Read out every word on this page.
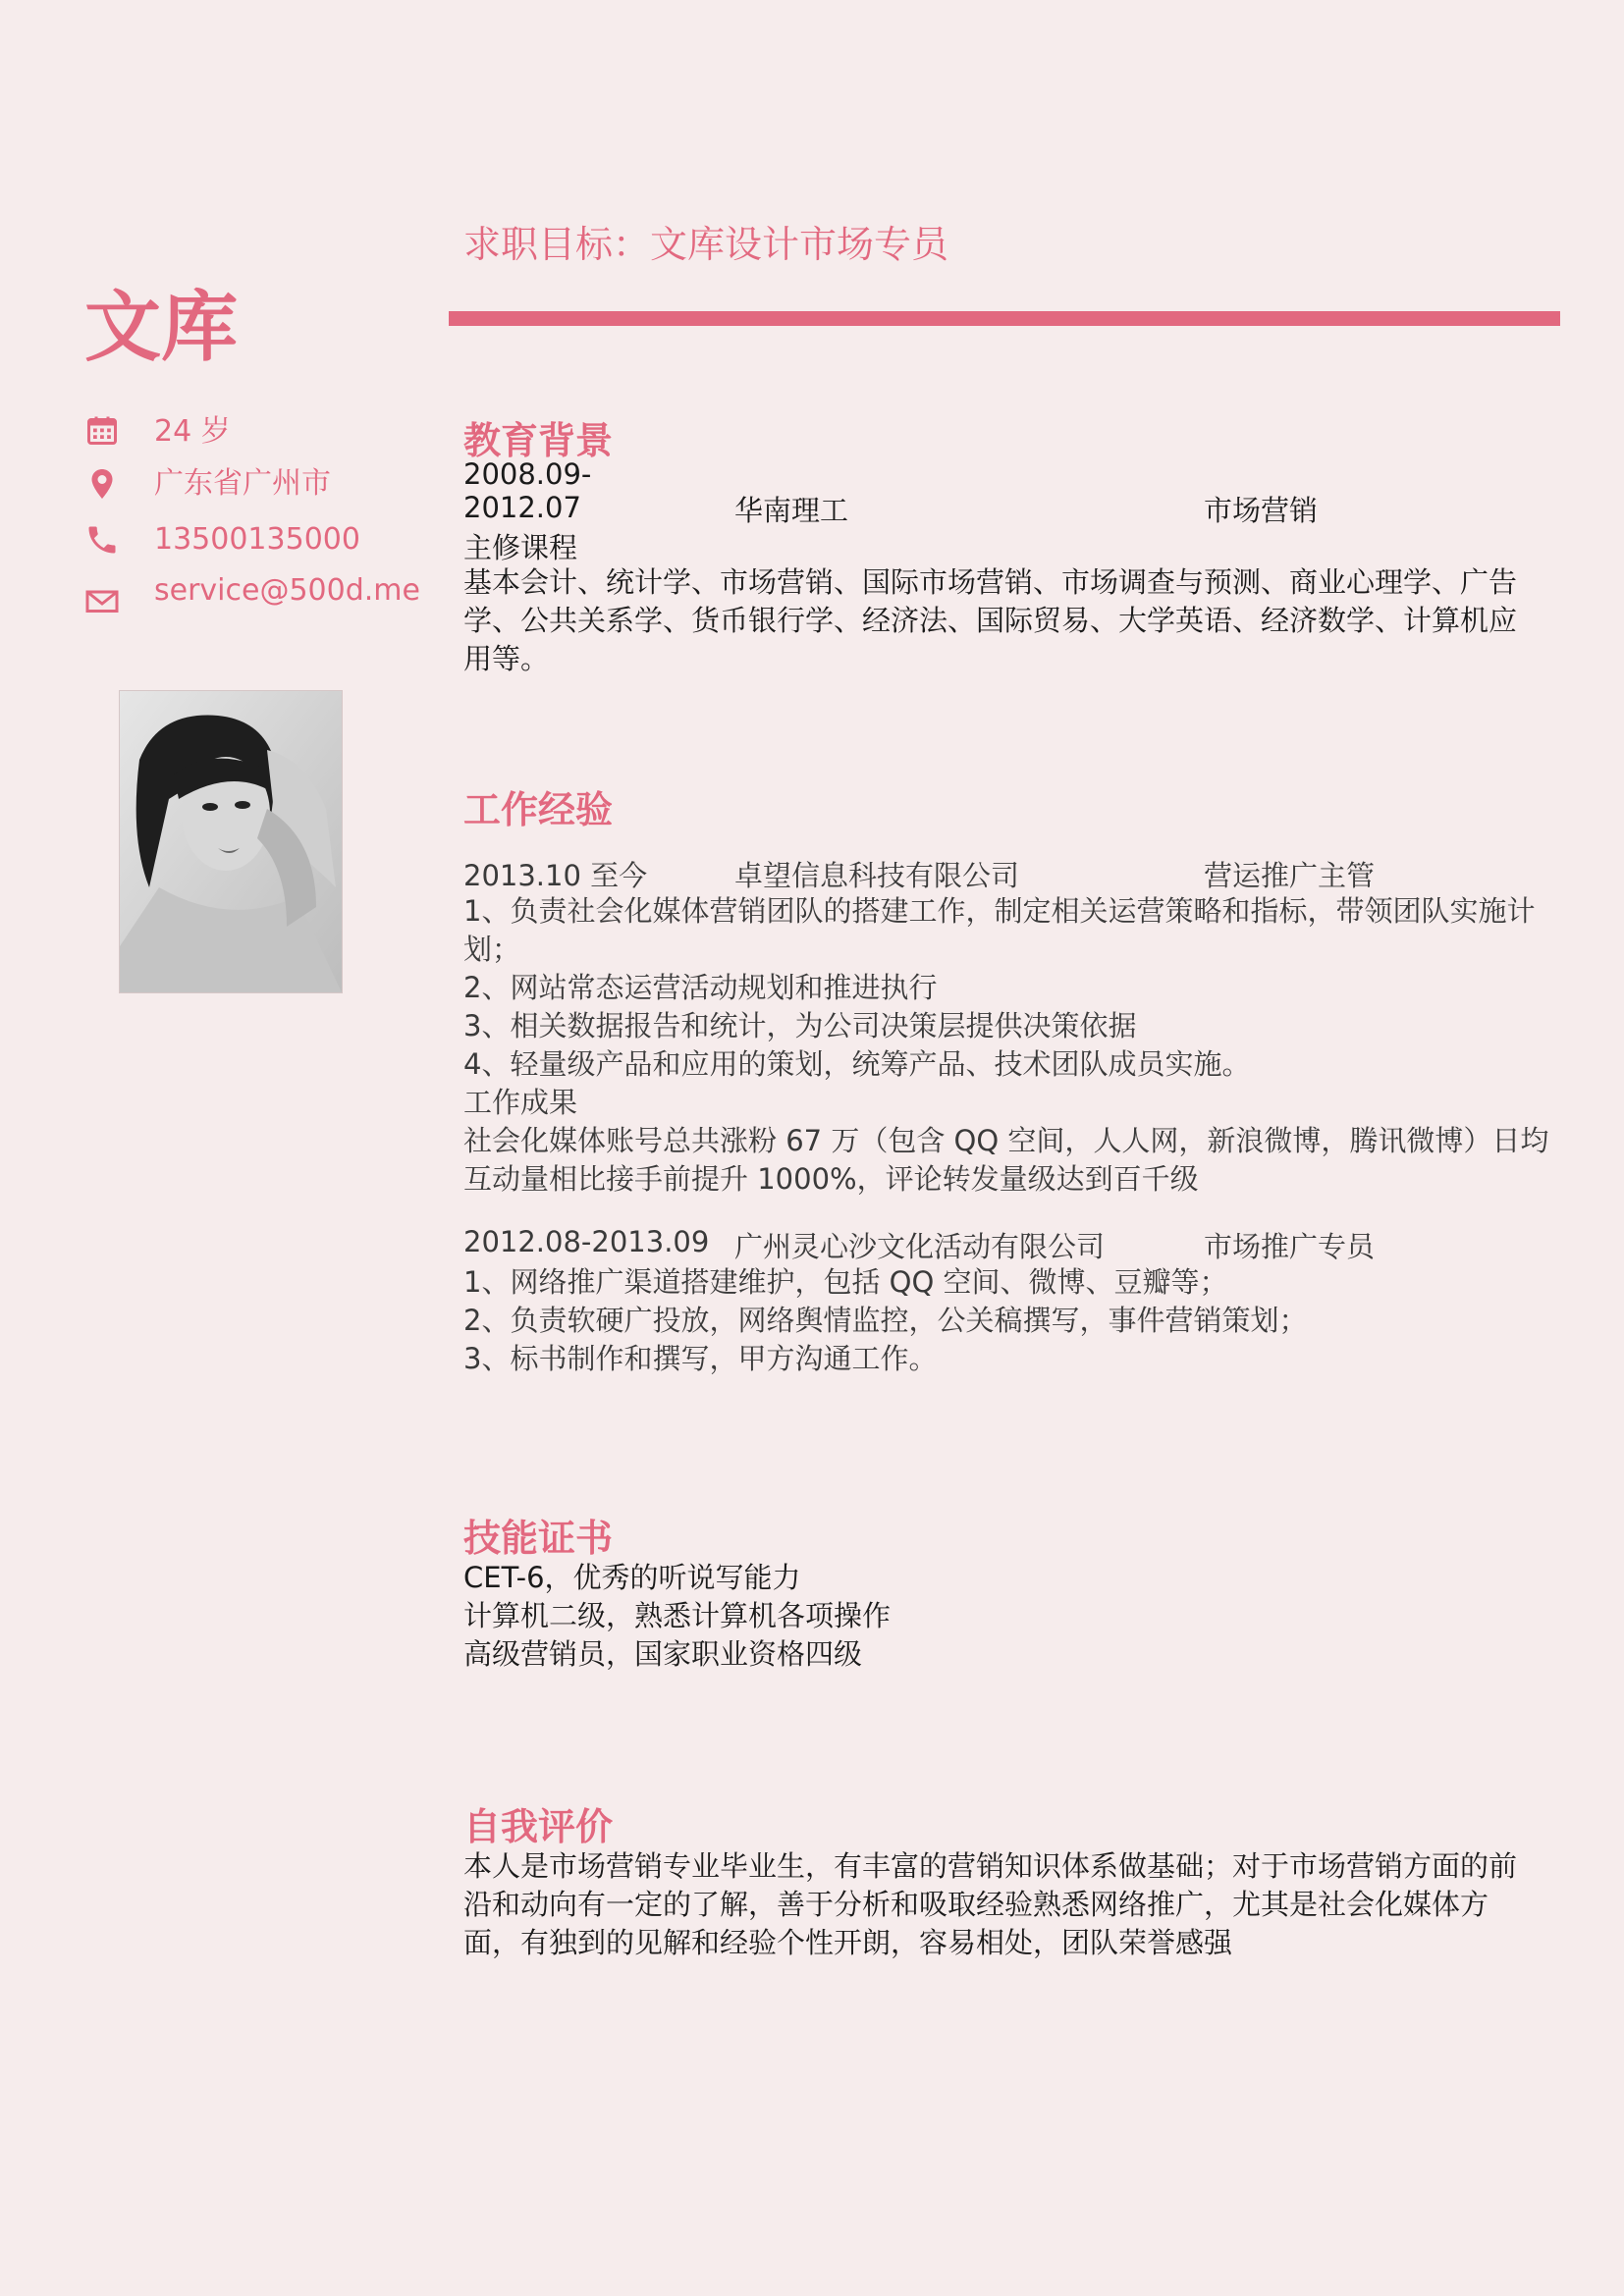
求职目标：文库设计市场专员
文库
24 岁
广东省广州市
13500135000
service@500d.me
教育背景
2008.09-
2012.07	华南理工	市场营销
主修课程
基本会计、统计学、市场营销、国际市场营销、市场调查与预测、商业心理学、广告
学、公共关系学、货币银行学、经济法、国际贸易、大学英语、经济数学、计算机应
用等。
工作经验
2013.10 至今	卓望信息科技有限公司	营运推广主管
1、负责社会化媒体营销团队的搭建工作，制定相关运营策略和指标，带领团队实施计
划；
2、网站常态运营活动规划和推进执行
3、相关数据报告和统计，为公司决策层提供决策依据
4、轻量级产品和应用的策划，统筹产品、技术团队成员实施。
工作成果
社会化媒体账号总共涨粉 67 万（包含 QQ 空间，人人网，新浪微博，腾讯微博）日均
互动量相比接手前提升 1000%，评论转发量级达到百千级
2012.08-2013.09 广州灵心沙文化活动有限公司	市场推广专员
1、网络推广渠道搭建维护，包括 QQ 空间、微博、豆瓣等；
2、负责软硬广投放，网络舆情监控，公关稿撰写，事件营销策划；
3、标书制作和撰写，甲方沟通工作。
技能证书
CET-6，优秀的听说写能力
计算机二级，熟悉计算机各项操作
高级营销员，国家职业资格四级
自我评价
本人是市场营销专业毕业生，有丰富的营销知识体系做基础；对于市场营销方面的前
沿和动向有一定的了解，善于分析和吸取经验熟悉网络推广，尤其是社会化媒体方
面，有独到的见解和经验个性开朗，容易相处，团队荣誉感强
